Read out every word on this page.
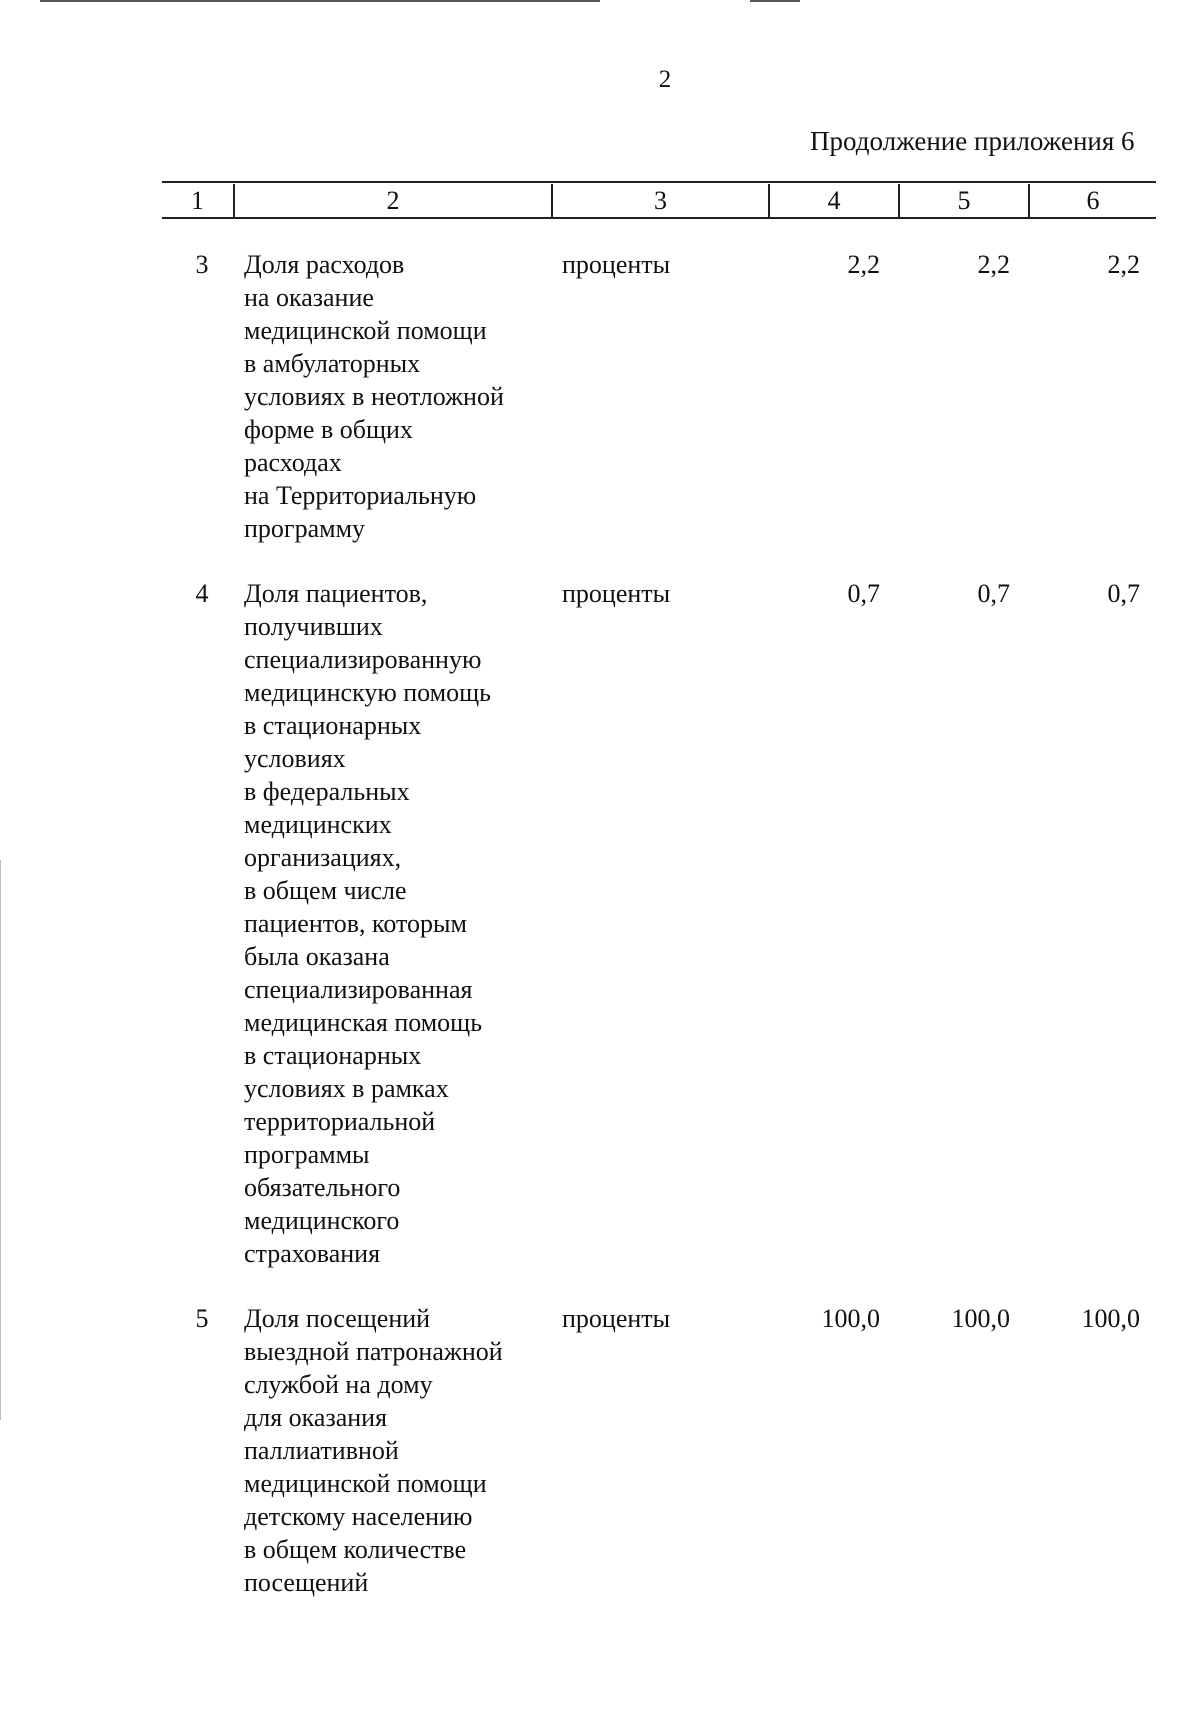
2
Продолжение приложения 6
1	2	3	4	5	6
3 Доля расходов
на оказание
медицинской помощи
в амбулаторных
условиях в неотложной
форме в общих
расходах
на Территориальную
программу
проценты	2,2	2,2	2,2
4 Доля пациентов,
получивших
специализированную
медицинскую помощь
в стационарных
условиях
в федеральных
медицинских
организациях,
в общем числе
пациентов, которым
была оказана
специализированная
медицинская помощь
в стационарных
условиях в рамках
территориальной
программы
обязательного
медицинского
страхования
проценты	0,7	0,7	0,7
5 Доля посещений
выездной патронажной
службой на дому
для оказания
паллиативной
медицинской помощи
детскому населению
в общем количестве
посещений
проценты	100,0	100,0	100,0
